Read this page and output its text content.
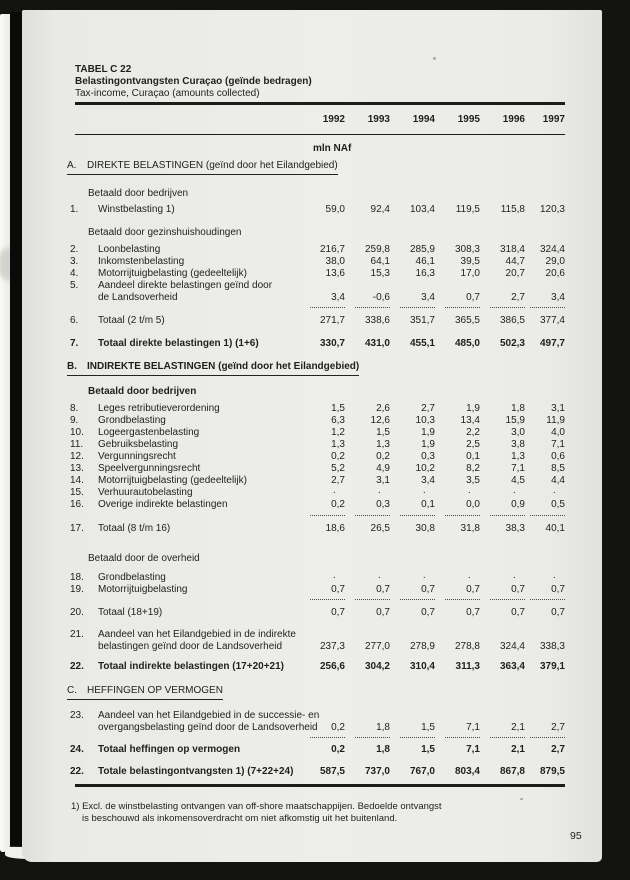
TABEL C 22
Belastingontvangsten Curaçao (geïnde bedragen)
Tax-income, Curaçao (amounts collected)
1992	1993	1994	1995	1996	1997
mln NAf
A. DIREKTE BELASTINGEN (geïnd door het Eilandgebied)
Betaald door bedrijven
1.	Winstbelasting 1)	59,0	92,4	103,4	119,5	115,8	120,3
Betaald door gezinshuishoudingen
2.	Loonbelasting	216,7	259,8	285,9	308,3	318,4	324,4
3.	Inkomstenbelasting	38,0	64,1	46,1	39,5	44,7	29,0
4.	Motorrijtuigbelasting (gedeeltelijk)	13,6	15,3	16,3	17,0	20,7	20,6
5.	Aandeel direkte belastingen geïnd door
de Landsoverheid	3,4	-0,6	3,4	0,7	2,7	3,4
6.	Totaal (2 t/m 5)	271,7	338,6	351,7	365,5	386,5	377,4
7.	Totaal direkte belastingen 1) (1+6)	330,7	431,0	455,1	485,0	502,3	497,7
B. INDIREKTE BELASTINGEN (geïnd door het Eilandgebied)
Betaald door bedrijven
8.	Leges retributieverordening	1,5	2,6	2,7	1,9	1,8	3,1
9.	Grondbelasting	6,3	12,6	10,3	13,4	15,9	11,9
10.	Logeergastenbelasting	1,2	1,5	1,9	2,2	3,0	4,0
11.	Gebruiksbelasting	1,3	1,3	1,9	2,5	3,8	7,1
12.	Vergunningsrecht	0,2	0,2	0,3	0,1	1,3	0,6
13.	Speelvergunningsrecht	5,2	4,9	10,2	8,2	7,1	8,5
14.	Motorrijtuigbelasting (gedeeltelijk)	2,7	3,1	3,4	3,5	4,5	4,4
15.	Verhuurautobelasting	·	·	·	·	·	·
16.	Overige indirekte belastingen	0,2	0,3	0,1	0,0	0,9	0,5
17.	Totaal (8 t/m 16)	18,6	26,5	30,8	31,8	38,3	40,1
Betaald door de overheid
18.	Grondbelasting	·	·	·	·	·	·
19.	Motorrijtuigbelasting	0,7	0,7	0,7	0,7	0,7	0,7
20.	Totaal (18+19)	0,7	0,7	0,7	0,7	0,7	0,7
21.	Aandeel van het Eilandgebied in de indirekte
belastingen geïnd door de Landsoverheid	237,3	277,0	278,9	278,8	324,4	338,3
22.	Totaal indirekte belastingen (17+20+21)	256,6	304,2	310,4	311,3	363,4	379,1
C. HEFFINGEN OP VERMOGEN
23.	Aandeel van het Eilandgebied in de successie- en
overgangsbelasting geïnd door de Landsoverheid	0,2	1,8	1,5	7,1	2,1	2,7
24.	Totaal heffingen op vermogen	0,2	1,8	1,5	7,1	2,1	2,7
22.	Totale belastingontvangsten 1) (7+22+24)	587,5	737,0	767,0	803,4	867,8	879,5
1) Excl. de winstbelasting ontvangen van off-shore maatschappijen. Bedoelde ontvangst
is beschouwd als inkomensoverdracht om niet afkomstig uit het buitenland.
95
